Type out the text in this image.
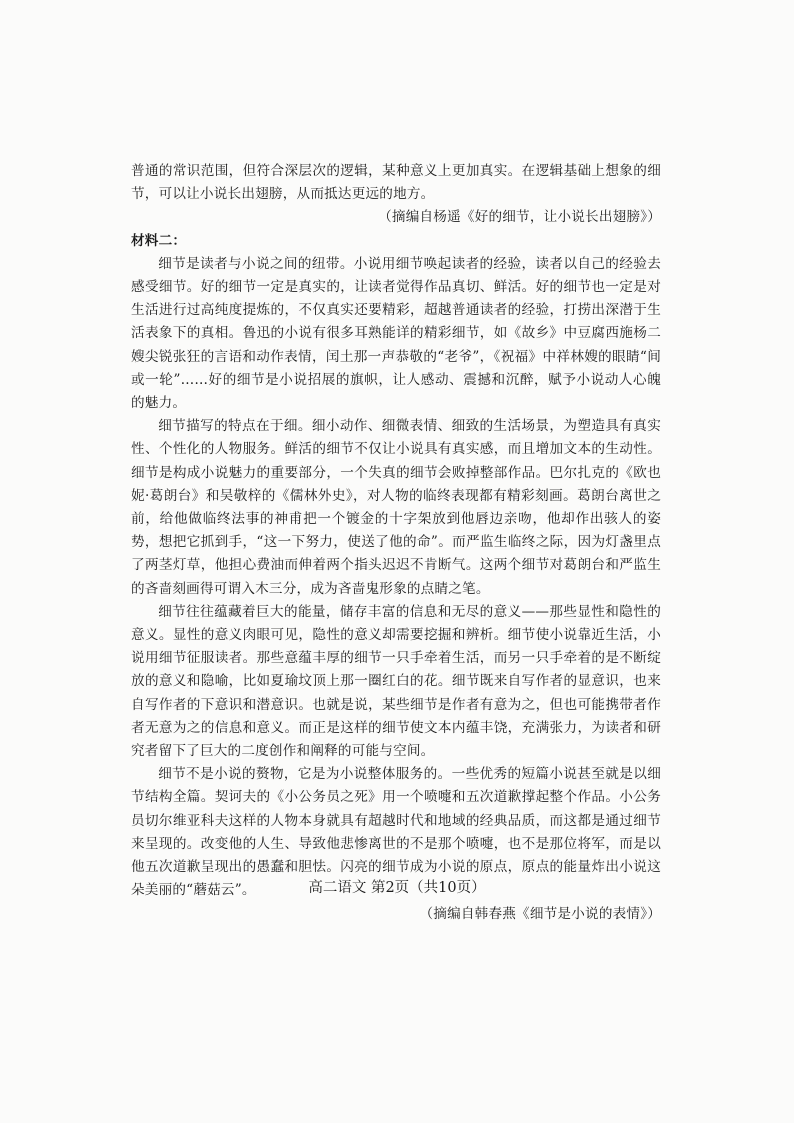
普通的常识范围，但符合深层次的逻辑，某种意义上更加真实。在逻辑基础上想象的细节，可以让小说长出翅膀，从而抵达更远的地方。

（摘编自杨遥《好的细节，让小说长出翅膀》）

材料二：

细节是读者与小说之间的纽带。小说用细节唤起读者的经验，读者以自己的经验去感受细节。好的细节一定是真实的，让读者觉得作品真切、鲜活。好的细节也一定是对生活进行过高纯度提炼的，不仅真实还要精彩，超越普通读者的经验，打捞出深潜于生活表象下的真相。鲁迅的小说有很多耳熟能详的精彩细节，如《故乡》中豆腐西施杨二嫂尖锐张狂的言语和动作表情，闰土那一声恭敬的“老爷”，《祝福》中祥林嫂的眼睛“间或一轮”……好的细节是小说招展的旗帜，让人感动、震撼和沉醉，赋予小说动人心魄的魅力。

细节描写的特点在于细。细小动作、细微表情、细致的生活场景，为塑造具有真实性、个性化的人物服务。鲜活的细节不仅让小说具有真实感，而且增加文本的生动性。细节是构成小说魅力的重要部分，一个失真的细节会败掉整部作品。巴尔扎克的《欧也妮·葛朗台》和吴敬梓的《儒林外史》，对人物的临终表现都有精彩刻画。葛朗台离世之前，给他做临终法事的神甫把一个镀金的十字架放到他唇边亲吻，他却作出骇人的姿势，想把它抓到手，“这一下努力，使送了他的命”。而严监生临终之际，因为灯盏里点了两茎灯草，他担心费油而伸着两个指头迟迟不肯断气。这两个细节对葛朗台和严监生的吝啬刻画得可谓入木三分，成为吝啬鬼形象的点睛之笔。

细节往往蕴藏着巨大的能量，储存丰富的信息和无尽的意义——那些显性和隐性的意义。显性的意义肉眼可见，隐性的意义却需要挖掘和辨析。细节使小说靠近生活，小说用细节征服读者。那些意蕴丰厚的细节一只手牵着生活，而另一只手牵着的是不断绽放的意义和隐喻，比如夏瑜坟顶上那一圈红白的花。细节既来自写作者的显意识，也来自写作者的下意识和潜意识。也就是说，某些细节是作者有意为之，但也可能携带者作者无意为之的信息和意义。而正是这样的细节使文本内蕴丰饶，充满张力，为读者和研究者留下了巨大的二度创作和阐释的可能与空间。

细节不是小说的赘物，它是为小说整体服务的。一些优秀的短篇小说甚至就是以细节结构全篇。契诃夫的《小公务员之死》用一个喷嚏和五次道歉撑起整个作品。小公务员切尔维亚科夫这样的人物本身就具有超越时代和地域的经典品质，而这都是通过细节来呈现的。改变他的人生、导致他悲惨离世的不是那个喷嚏，也不是那位将军，而是以他五次道歉呈现出的愚蠢和胆怯。闪亮的细节成为小说的原点，原点的能量炸出小说这朵美丽的“蘑菇云”。

（摘编自韩春燕《细节是小说的表情》）

高二语文 第2页（共10页）
